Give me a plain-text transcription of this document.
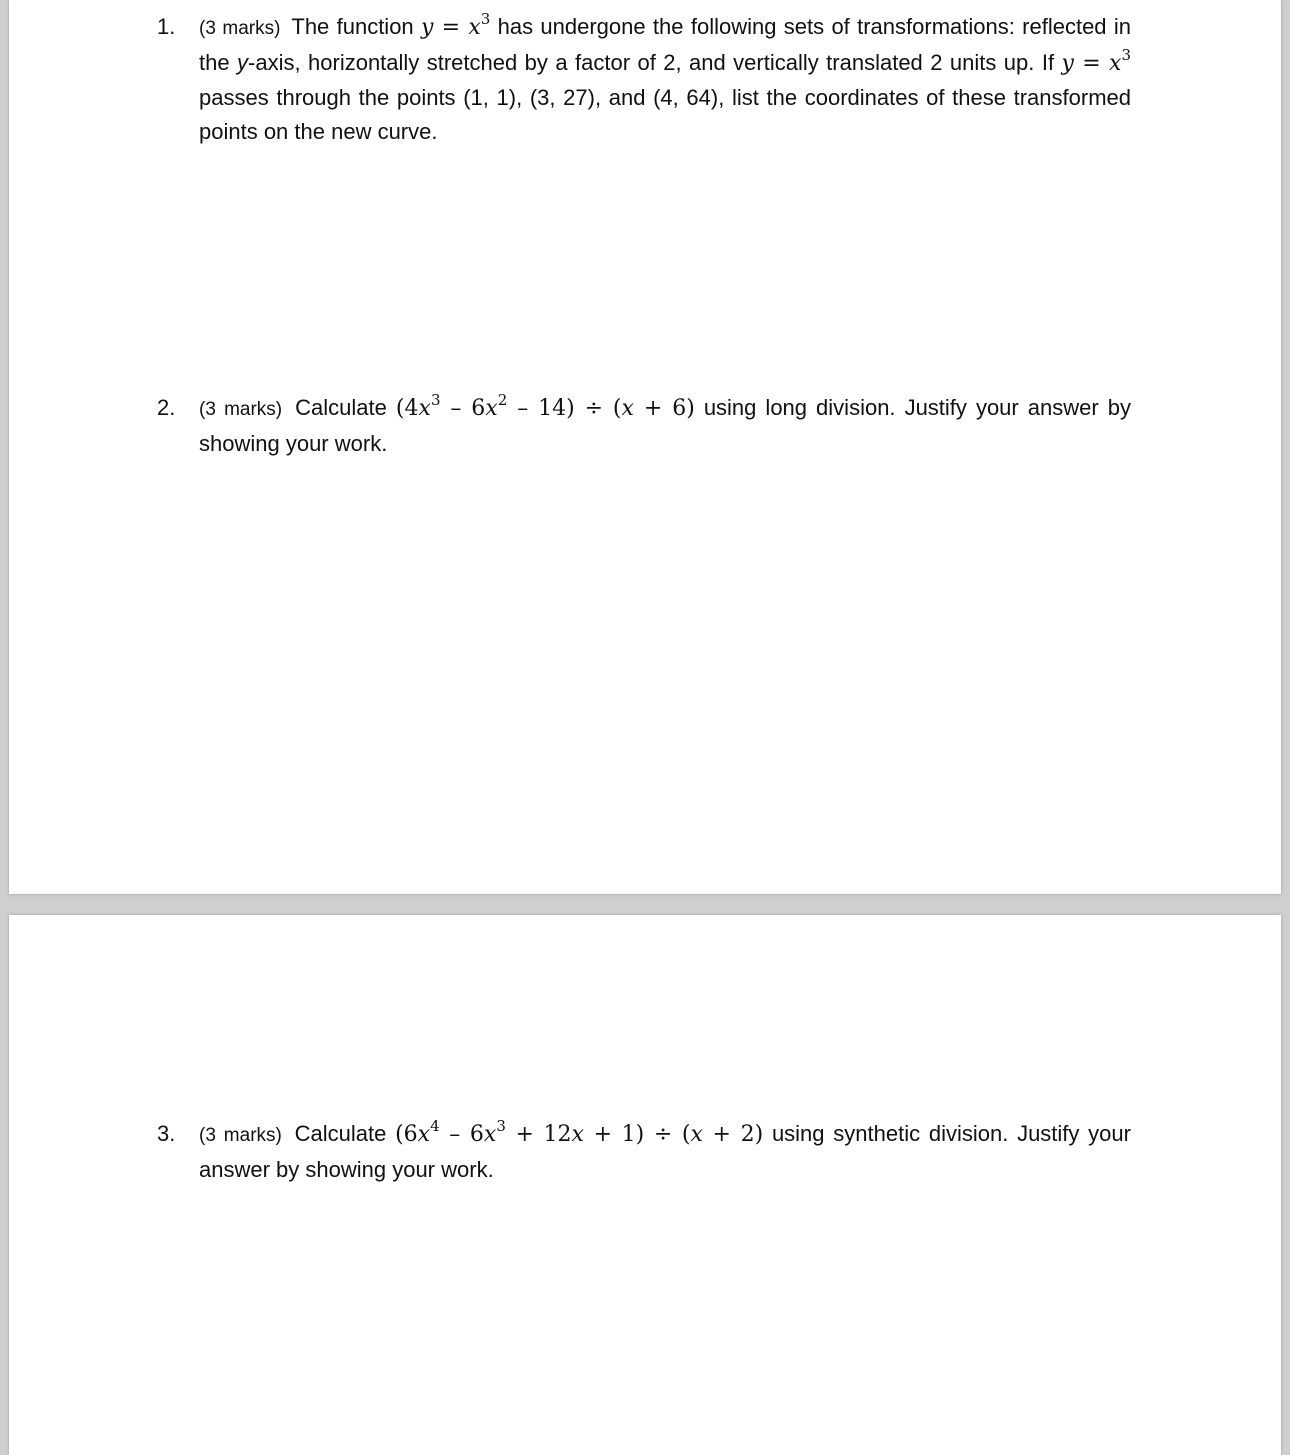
1. (3 marks) The function $y = x^3$ has undergone the following sets of transformations: reflected in the y-axis, horizontally stretched by a factor of 2, and vertically translated 2 units up. If $y = x^3$ passes through the points (1, 1), (3, 27), and (4, 64), list the coordinates of these transformed points on the new curve.
2. (3 marks) Calculate $(4x^3 - 6x^2 - 14) \div (x + 6)$ using long division. Justify your answer by showing your work.
3. (3 marks) Calculate $(6x^4 - 6x^3 + 12x + 1) \div (x + 2)$ using synthetic division. Justify your answer by showing your work.
